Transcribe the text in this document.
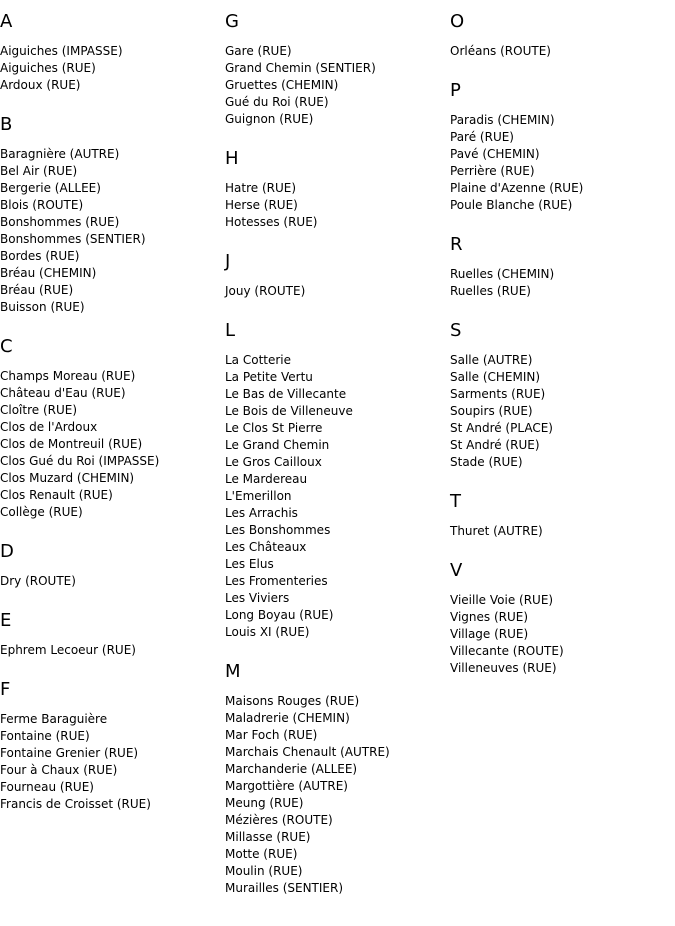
A
Aiguiches (IMPASSE)
Aiguiches (RUE)
Ardoux (RUE)
B
Baragnière (AUTRE)
Bel Air (RUE)
Bergerie (ALLEE)
Blois (ROUTE)
Bonshommes (RUE)
Bonshommes (SENTIER)
Bordes (RUE)
Bréau (CHEMIN)
Bréau (RUE)
Buisson (RUE)
C
Champs Moreau (RUE)
Château d'Eau (RUE)
Cloître (RUE)
Clos de l'Ardoux
Clos de Montreuil (RUE)
Clos Gué du Roi (IMPASSE)
Clos Muzard (CHEMIN)
Clos Renault (RUE)
Collège (RUE)
D
Dry (ROUTE)
E
Ephrem Lecoeur (RUE)
F
Ferme Baraguière
Fontaine (RUE)
Fontaine Grenier (RUE)
Four à Chaux (RUE)
Fourneau (RUE)
Francis de Croisset (RUE)
G
Gare (RUE)
Grand Chemin (SENTIER)
Gruettes (CHEMIN)
Gué du Roi (RUE)
Guignon (RUE)
H
Hatre (RUE)
Herse (RUE)
Hotesses (RUE)
J
Jouy (ROUTE)
L
La Cotterie
La Petite Vertu
Le Bas de Villecante
Le Bois de Villeneuve
Le Clos St Pierre
Le Grand Chemin
Le Gros Cailloux
Le Mardereau
L'Emerillon
Les Arrachis
Les Bonshommes
Les Châteaux
Les Elus
Les Fromenteries
Les Viviers
Long Boyau (RUE)
Louis XI (RUE)
M
Maisons Rouges (RUE)
Maladrerie (CHEMIN)
Mar Foch (RUE)
Marchais Chenault (AUTRE)
Marchanderie (ALLEE)
Margottière (AUTRE)
Meung (RUE)
Mézières (ROUTE)
Millasse (RUE)
Motte (RUE)
Moulin (RUE)
Murailles (SENTIER)
O
Orléans (ROUTE)
P
Paradis (CHEMIN)
Paré (RUE)
Pavé (CHEMIN)
Perrière (RUE)
Plaine d'Azenne (RUE)
Poule Blanche (RUE)
R
Ruelles (CHEMIN)
Ruelles (RUE)
S
Salle (AUTRE)
Salle (CHEMIN)
Sarments (RUE)
Soupirs (RUE)
St André (PLACE)
St André (RUE)
Stade (RUE)
T
Thuret (AUTRE)
V
Vieille Voie (RUE)
Vignes (RUE)
Village (RUE)
Villecante (ROUTE)
Villeneuves (RUE)
